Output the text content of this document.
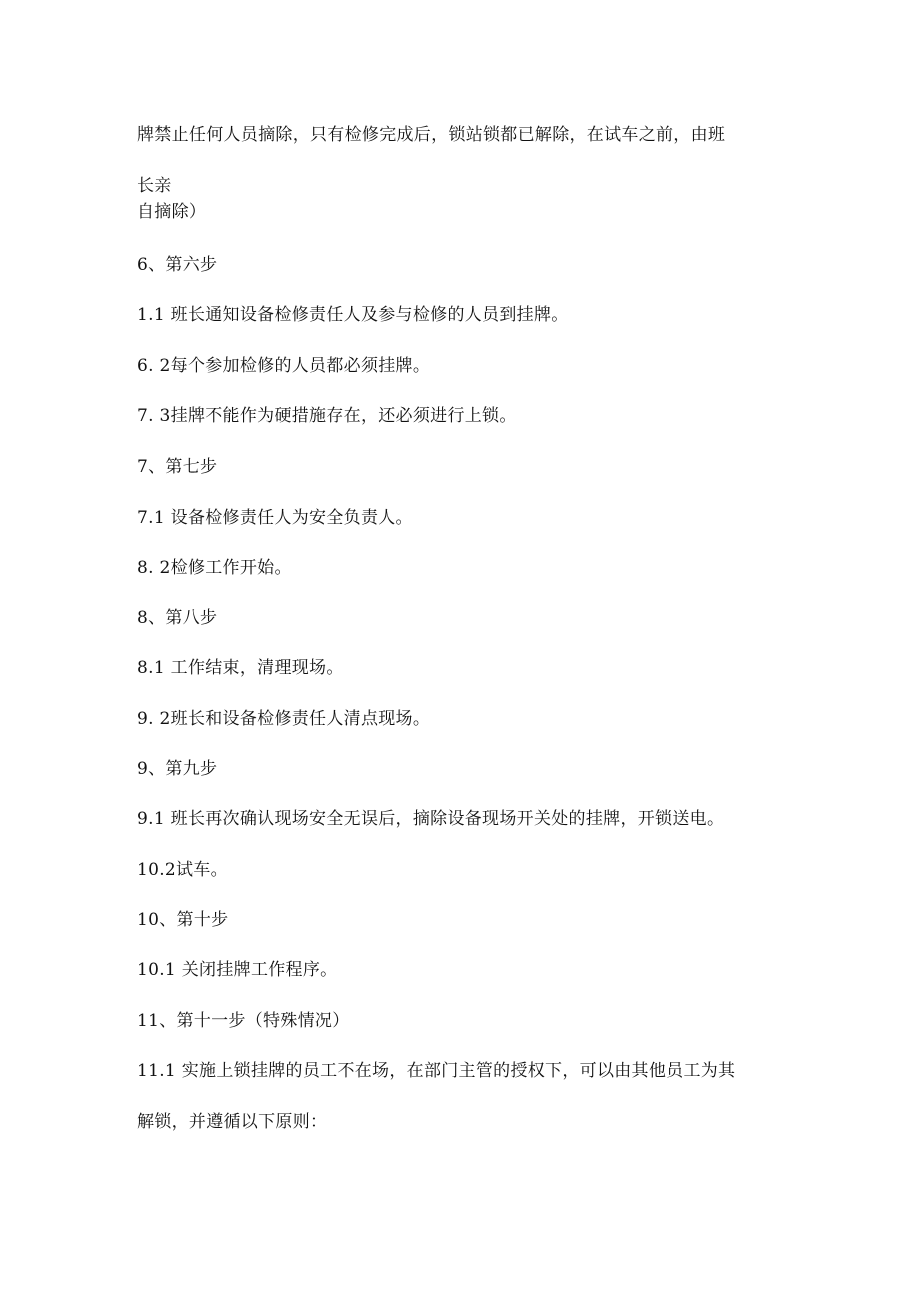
牌禁止任何人员摘除，只有检修完成后，锁站锁都已解除，在试车之前，由班
长亲
自摘除）
6、第六步
1.1 班长通知设备检修责任人及参与检修的人员到挂牌。
6. 2每个参加检修的人员都必须挂牌。
7. 3挂牌不能作为硬措施存在，还必须进行上锁。
7、第七步
7.1 设备检修责任人为安全负责人。
8. 2检修工作开始。
8、第八步
8.1 工作结束，清理现场。
9. 2班长和设备检修责任人清点现场。
9、第九步
9.1 班长再次确认现场安全无误后，摘除设备现场开关处的挂牌，开锁送电。
10.2试车。
10、第十步
10.1 关闭挂牌工作程序。
11、第十一步（特殊情况）
11.1 实施上锁挂牌的员工不在场，在部门主管的授权下，可以由其他员工为其
解锁，并遵循以下原则：
